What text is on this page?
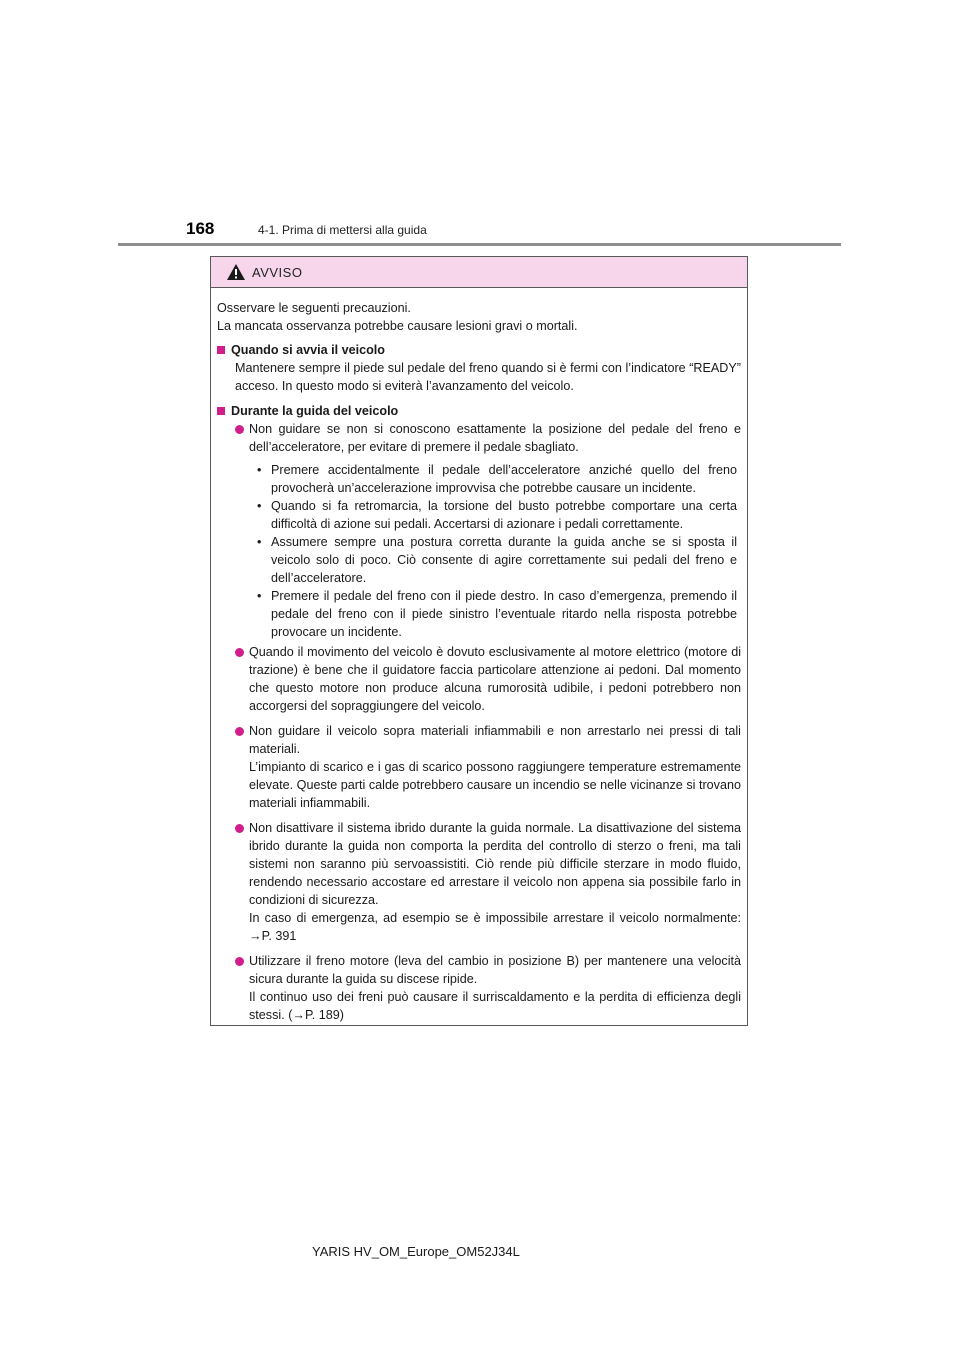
168	4-1. Prima di mettersi alla guida
AVVISO

Osservare le seguenti precauzioni.

La mancata osservanza potrebbe causare lesioni gravi o mortali.

Quando si avvia il veicolo

Mantenere sempre il piede sul pedale del freno quando si è fermi con l’indicatore “READY” acceso. In questo modo si eviterà l’avanzamento del veicolo.

Durante la guida del veicolo

Non guidare se non si conoscono esattamente la posizione del pedale del freno e dell’acceleratore, per evitare di premere il pedale sbagliato.

• Premere accidentalmente il pedale dell’acceleratore anziché quello del freno provocherà un’accelerazione improvvisa che potrebbe causare un incidente.
• Quando si fa retromarcia, la torsione del busto potrebbe comportare una certa difficoltà di azione sui pedali. Accertarsi di azionare i pedali correttamente.
• Assumere sempre una postura corretta durante la guida anche se si sposta il veicolo solo di poco. Ciò consente di agire correttamente sui pedali del freno e dell’acceleratore.
• Premere il pedale del freno con il piede destro. In caso d’emergenza, premendo il pedale del freno con il piede sinistro l’eventuale ritardo nella risposta potrebbe provocare un incidente.

Quando il movimento del veicolo è dovuto esclusivamente al motore elettrico (motore di trazione) è bene che il guidatore faccia particolare attenzione ai pedoni. Dal momento che questo motore non produce alcuna rumorosità udibile, i pedoni potrebbero non accorgersi del sopraggiungere del veicolo.

Non guidare il veicolo sopra materiali infiammabili e non arrestarlo nei pressi di tali materiali.

L’impianto di scarico e i gas di scarico possono raggiungere temperature estremamente elevate. Queste parti calde potrebbero causare un incendio se nelle vicinanze si trovano materiali infiammabili.

Non disattivare il sistema ibrido durante la guida normale. La disattivazione del sistema ibrido durante la guida non comporta la perdita del controllo di sterzo o freni, ma tali sistemi non saranno più servoassistiti. Ciò rende più difficile sterzare in modo fluido, rendendo necessario accostare ed arrestare il veicolo non appena sia possibile farlo in condizioni di sicurezza.

In caso di emergenza, ad esempio se è impossibile arrestare il veicolo normalmente: →P. 391

Utilizzare il freno motore (leva del cambio in posizione B) per mantenere una velocità sicura durante la guida su discese ripide.

Il continuo uso dei freni può causare il surriscaldamento e la perdita di efficienza degli stessi. (→P. 189)

YARIS HV_OM_Europe_OM52J34L
